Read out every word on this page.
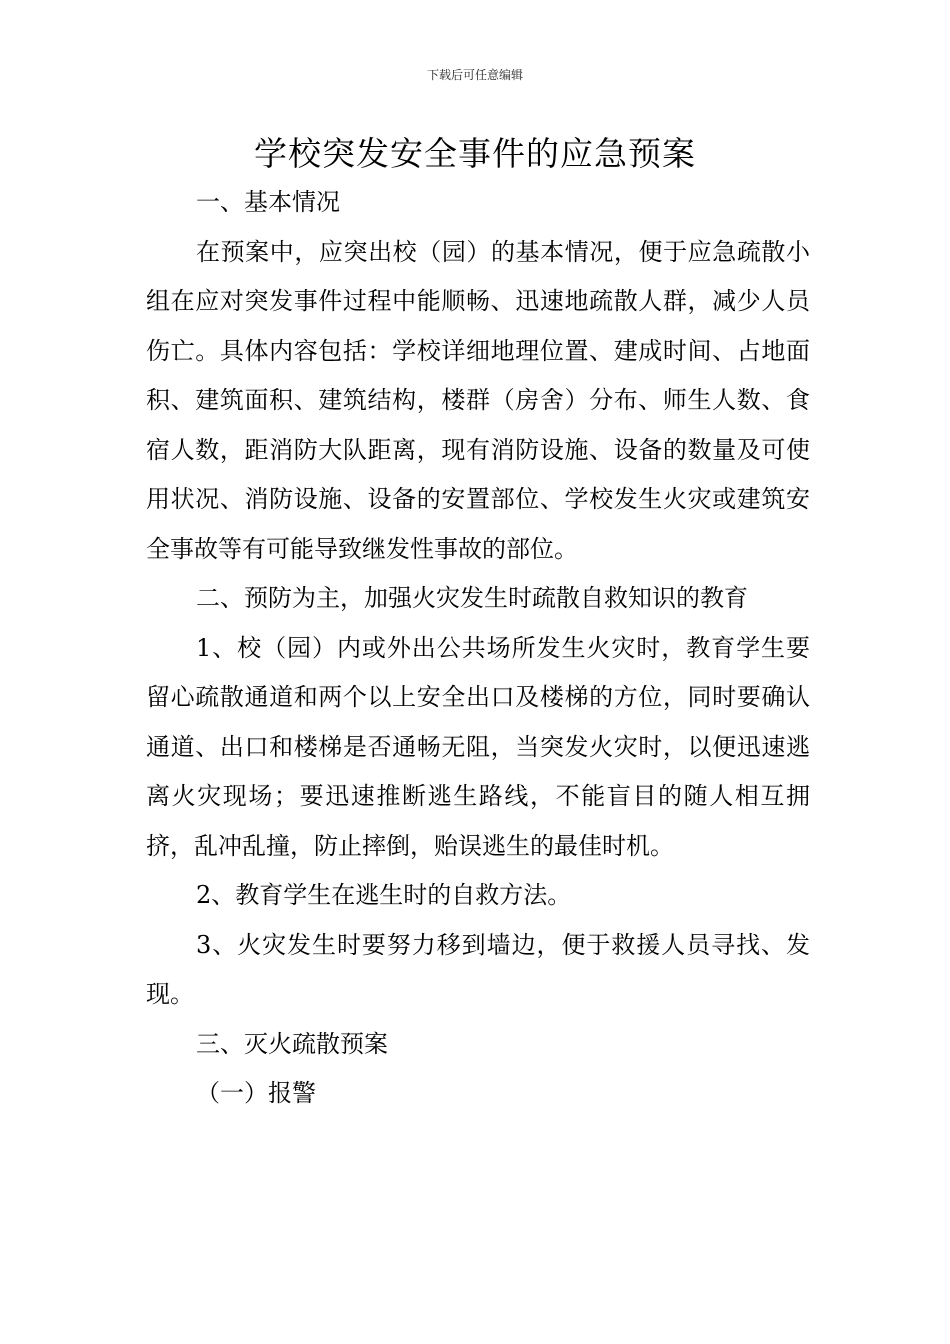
下载后可任意编辑
学校突发安全事件的应急预案

一、基本情况

在预案中，应突出校（园）的基本情况，便于应急疏散小组在应对突发事件过程中能顺畅、迅速地疏散人群，减少人员伤亡。具体内容包括：学校详细地理位置、建成时间、占地面积、建筑面积、建筑结构，楼群（房舍）分布、师生人数、食宿人数，距消防大队距离，现有消防设施、设备的数量及可使用状况、消防设施、设备的安置部位、学校发生火灾或建筑安全事故等有可能导致继发性事故的部位。

二、预防为主，加强火灾发生时疏散自救知识的教育

1、校（园）内或外出公共场所发生火灾时，教育学生要留心疏散通道和两个以上安全出口及楼梯的方位，同时要确认通道、出口和楼梯是否通畅无阻，当突发火灾时，以便迅速逃离火灾现场；要迅速推断逃生路线，不能盲目的随人相互拥挤，乱冲乱撞，防止摔倒，贻误逃生的最佳时机。

2、教育学生在逃生时的自救方法。

3、火灾发生时要努力移到墙边，便于救援人员寻找、发现。

三、灭火疏散预案

（一）报警
